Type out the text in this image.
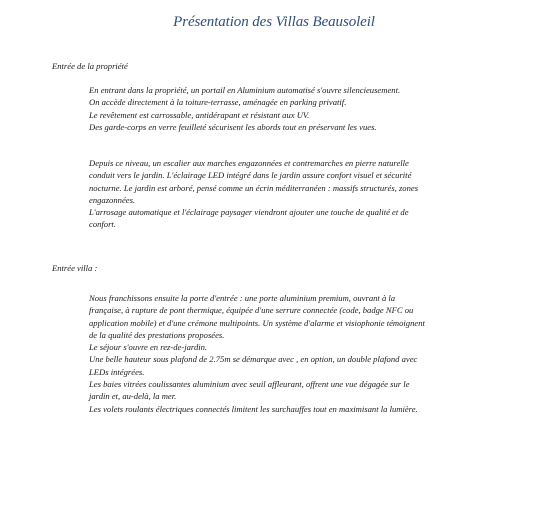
Présentation des Villas Beausoleil
Entrée de la propriété
En entrant dans la propriété, un portail en Aluminium automatisé s'ouvre silencieusement.
On accède directement à la toiture-terrasse, aménagée en parking privatif.
Le revêtement est carrossable, antidérapant et résistant aux UV.
Des garde-corps en verre feuilleté sécurisent les abords tout en préservant les vues.
Depuis ce niveau, un escalier aux marches engazonnées et contremarches en pierre naturelle
conduit vers le jardin. L'éclairage LED intégré dans le jardin assure confort visuel et sécurité
nocturne. Le jardin est arboré, pensé comme un écrin méditerranéen : massifs structurés, zones
engazonnées.
L'arrosage automatique et l'éclairage paysager viendront ajouter une touche de qualité et de
confort.
Entrée villa :
Nous franchissons ensuite la porte d'entrée : une porte aluminium premium, ouvrant à la
française, à rupture de pont thermique, équipée d'une serrure connectée (code, badge NFC ou
application mobile) et d'une crémone multipoints. Un système d'alarme et visiophonie témoignent
de la qualité des prestations proposées.
Le séjour s'ouvre en rez-de-jardin.
Une belle hauteur sous plafond de 2.75m se démarque avec , en option, un double plafond avec
LEDs intégrées.
Les baies vitrées coulissantes aluminium avec seuil affleurant, offrent une vue dégagée sur le
jardin et, au-delà, la mer.
Les volets roulants électriques connectés limitent les surchauffes tout en maximisant la lumière.
